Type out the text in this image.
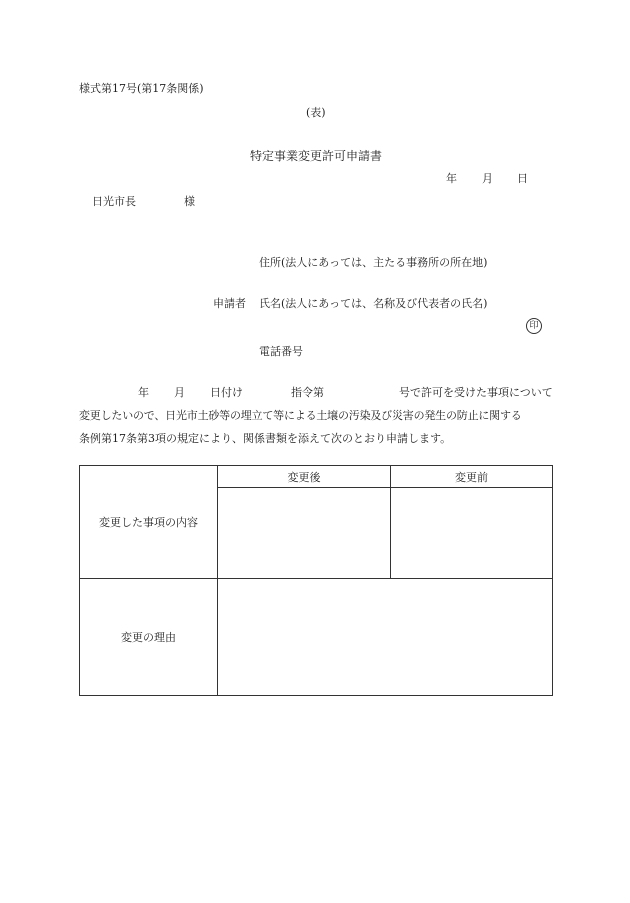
様式第17号(第17条関係)
(表)
特定事業変更許可申請書
年 月 日
日光市長	様
住所(法人にあっては、主たる事務所の所在地)
申請者 氏名(法人にあっては、名称及び代表者の氏名)
印
電話番号
年 月 日付け	指令第	号で許可を受けた事項について
変更したいので、日光市土砂等の埋立て等による土壌の汚染及び災害の発生の防止に関する
条例第17条第3項の規定により、関係書類を添えて次のとおり申請します。
変更した事項の内容	変更後	変更前

変更の理由		
